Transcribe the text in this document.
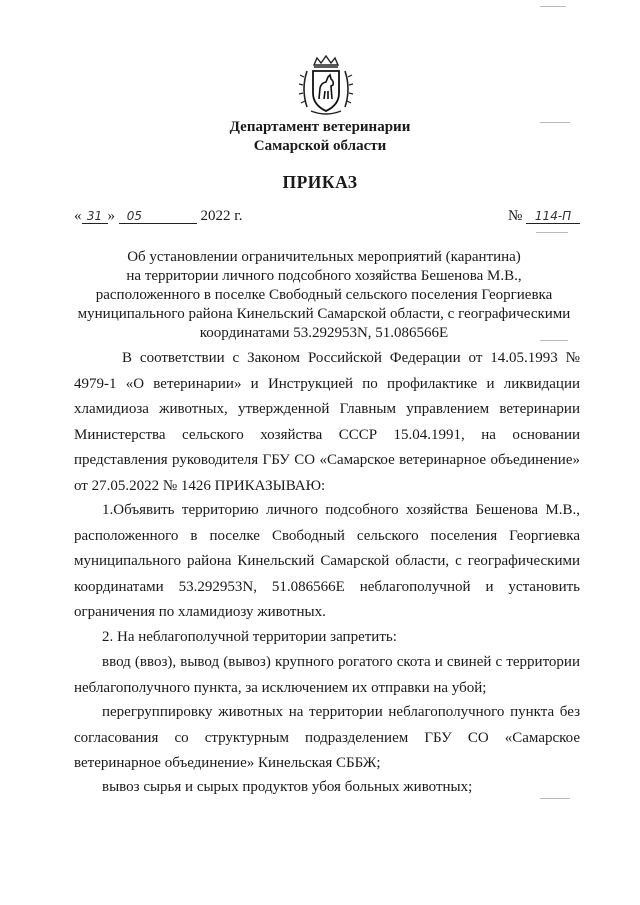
Департамент ветеринарии
Самарской области
ПРИКАЗ
« 31 » 05	2022 г.	№ 114-П
Об установлении ограничительных мероприятий (карантина)
на территории личного подсобного хозяйства Бешенова М.В.,
расположенного в поселке Свободный сельского поселения Георгиевка
муниципального района Кинельский Самарской области, с географическими
координатами 53.292953N, 51.086566E
В соответствии с Законом Российской Федерации от 14.05.1993 № 4979-1 «О ветеринарии» и Инструкцией по профилактике и ликвидации хламидиоза животных, утвержденной Главным управлением ветеринарии Министерства сельского хозяйства СССР 15.04.1991, на основании представления руководителя ГБУ СО «Самарское ветеринарное объединение» от 27.05.2022 № 1426 ПРИКАЗЫВАЮ:
1.Объявить территорию личного подсобного хозяйства Бешенова М.В., расположенного в поселке Свободный сельского поселения Георгиевка муниципального района Кинельский Самарской области, с географическими координатами 53.292953N, 51.086566E неблагополучной и установить ограничения по хламидиозу животных.
2. На неблагополучной территории запретить:
ввод (ввоз), вывод (вывоз) крупного рогатого скота и свиней с территории неблагополучного пункта, за исключением их отправки на убой;
перегруппировку животных на территории неблагополучного пункта без согласования со структурным подразделением ГБУ СО «Самарское ветеринарное объединение» Кинельская СББЖ;
вывоз сырья и сырых продуктов убоя больных животных;
